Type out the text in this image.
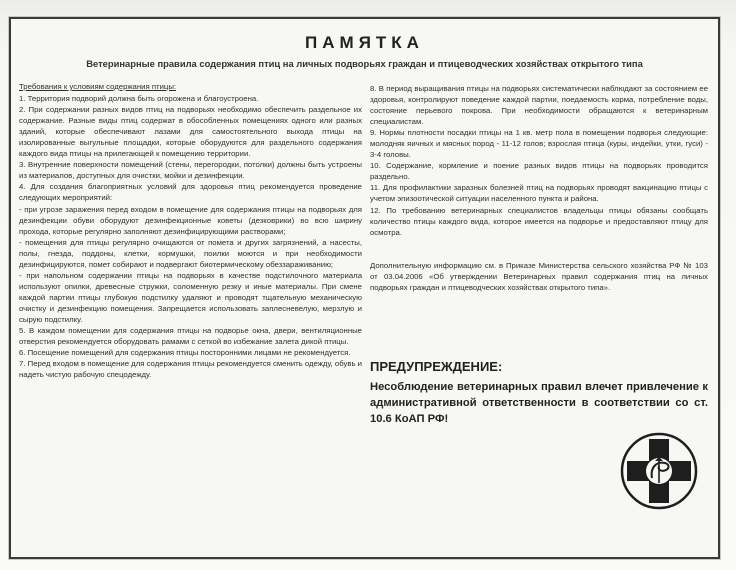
ПАМЯТКА
Ветеринарные правила содержания птиц на личных подворьях граждан и птицеводческих хозяйствах открытого типа

Требования к условиям содержания птицы:

1. Территория подворий должна быть огорожена и благоустроена.

2. При содержании разных видов птиц на подворьях необходимо обеспечить раздельное их содержание. Разные виды птиц содержат в обособленных помещениях одного или разных зданий, которые обеспечивают лазами для самостоятельного выхода птицы на изолированные выгульные площадки, которые оборудуются для раздельного содержания каждого вида птицы на прилегающей к помещению территории.

3. Внутренние поверхности помещений (стены, перегородки, потолки) должны быть устроены из материалов, доступных для очистки, мойки и дезинфекции.

4. Для создания благоприятных условий для здоровья птиц рекомендуется проведение следующих мероприятий:

- при угрозе заражения перед входом в помещение для содержания птицы на подворьях для дезинфекции обуви оборудуют дезинфекционные коветы (дезковрики) во всю ширину прохода, которые регулярно заполняют дезинфицирующими растворами;

- помещения для птицы регулярно очищаются от помета и других загрязнений, а насесты, полы, гнезда, поддоны, клетки, кормушки, поилки моются и при необходимости дезинфицируются, помет собирают и подвергают биотермическому обеззараживанию;

- при напольном содержании птицы на подворьях в качестве подстилочного материала используют опилки, древесные стружки, соломенную резку и иные материалы. При смене каждой партии птицы глубокую подстилку удаляют и проводят тщательную механическую очистку и дезинфекцию помещения. Запрещается использовать заплесневелую, мерзлую и сырую подстилку.

5. В каждом помещении для содержания птицы на подворье окна, двери, вентиляционные отверстия рекомендуется оборудовать рамами с сеткой во избежание залета дикой птицы.

6. Посещение помещений для содержания птицы посторонними лицами не рекомендуется.

7. Перед входом в помещение для содержания птицы рекомендуется сменить одежду, обувь и надеть чистую рабочую спецодежду.

8. В период выращивания птицы на подворьях систематически наблюдают за состоянием ее здоровья, контролируют поведение каждой партии, поедаемость корма, потребление воды, состояние перьевого покрова. При необходимости обращаются к ветеринарным специалистам.

9. Нормы плотности посадки птицы на 1 кв. метр пола в помещении подворья следующие: молодняк яичных и мясных пород - 11-12 голов; взрослая птица (куры, индейки, утки, гуси) - 3-4 головы.

10. Содержание, кормление и поение разных видов птицы на подворьях проводится раздельно.

11. Для профилактики заразных болезней птиц на подворьях проводят вакцинацию птицы с учетом эпизоотической ситуации населенного пункта и района.

12. По требованию ветеринарных специалистов владельцы птицы обязаны сообщать количество птицы каждого вида, которое имеется на подворье и предоставляют птицу для осмотра.

Дополнительную информацию см. в Приказе Министерства сельского хозяйства РФ № 103 от 03.04.2006 «Об утверждении Ветеринарных правил содержания птиц на личных подворьях граждан и птицеводческих хозяйствах открытого типа».

ПРЕДУПРЕЖДЕНИЕ:

Несоблюдение ветеринарных правил влечет привлечение к административной ответственности в соответствии со ст. 10.6 КоАП РФ!
